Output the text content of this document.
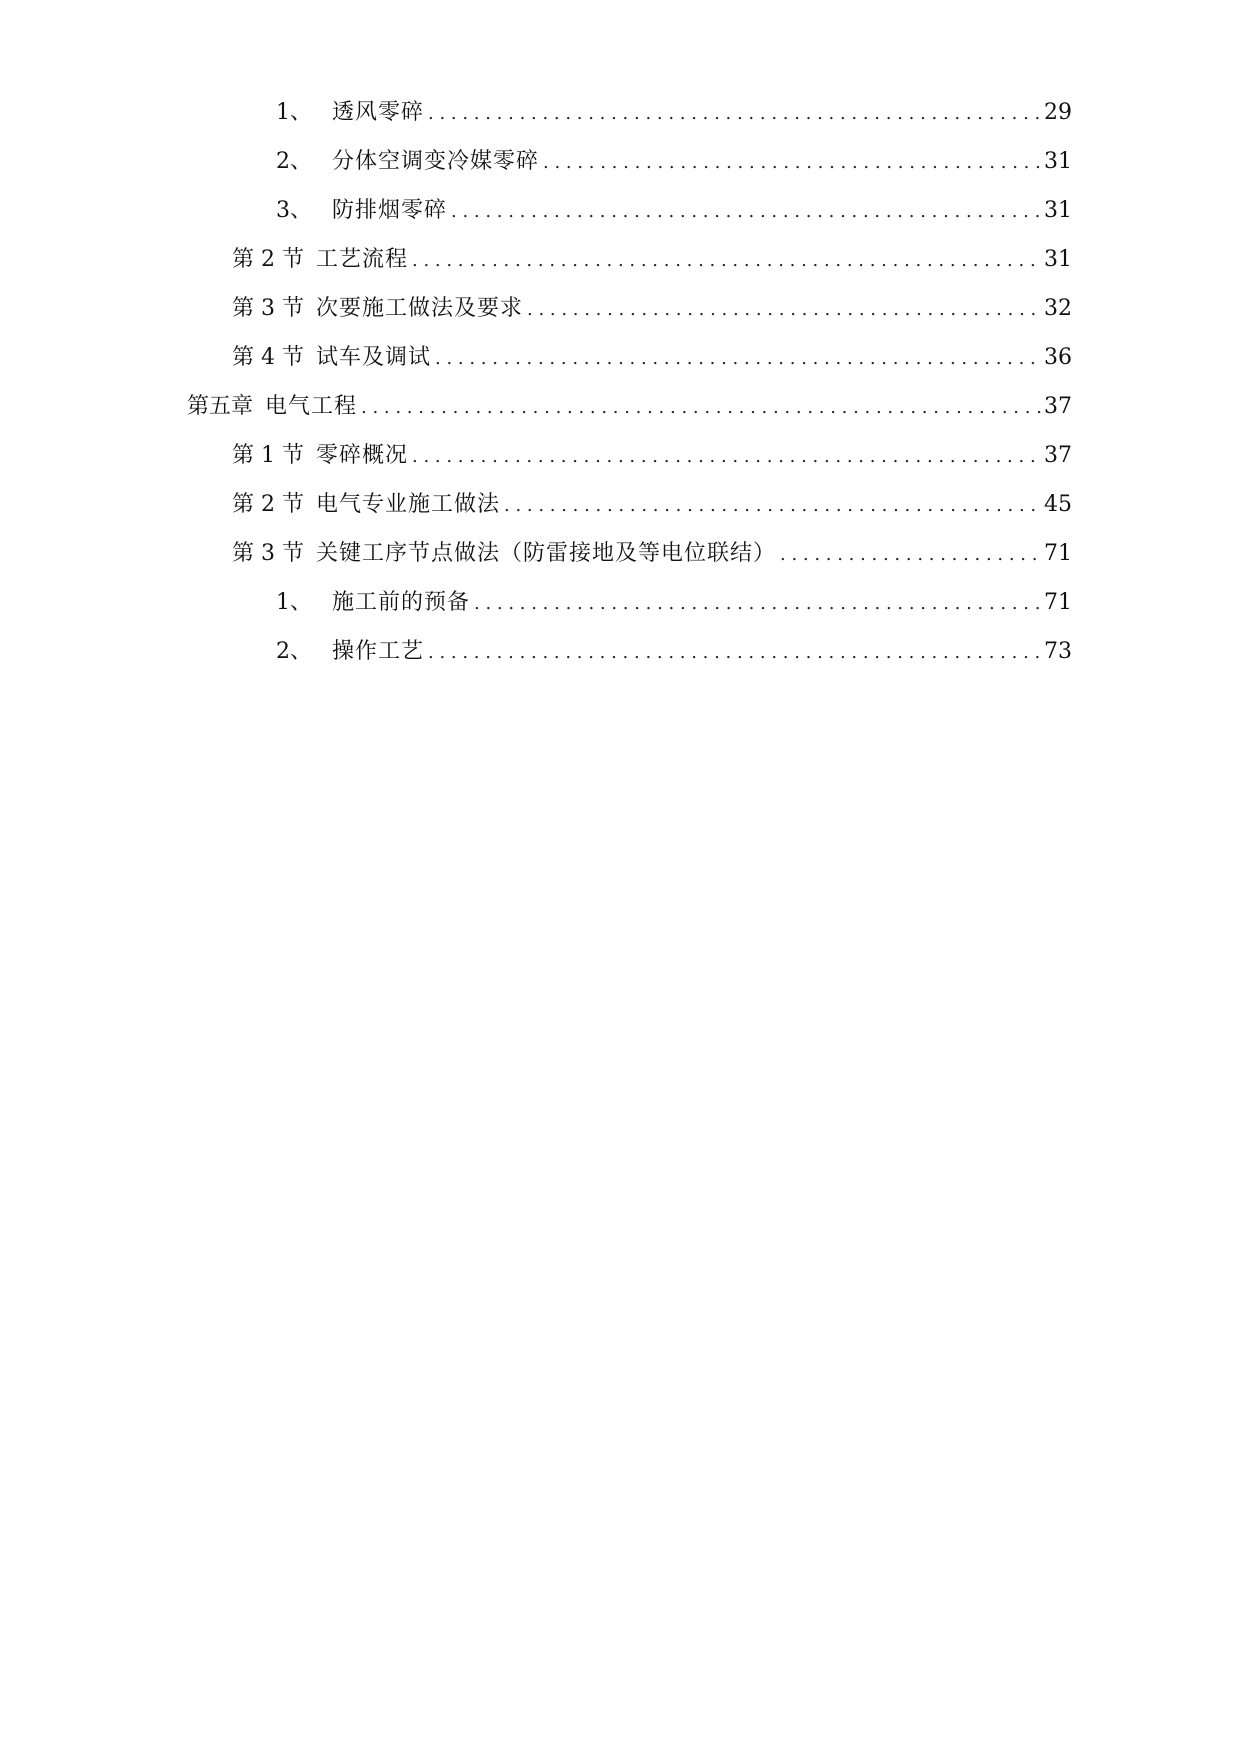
1、 透风零碎 . . .	29
2、 分体空调变冷媒零碎 . . .	31
3、 防排烟零碎 . . .	31
第 2 节 工艺流程 . . .	31
第 3 节 次要施工做法及要求 . . .	32
第 4 节 试车及调试 . . .	36
第五章 电气工程 . . .	37
第 1 节 零碎概况 . . .	37
第 2 节 电气专业施工做法 . . .	45
第 3 节 关键工序节点做法（防雷接地及等电位联结） . . .	71
1、 施工前的预备 . . .	71
2、 操作工艺 . . .	73
